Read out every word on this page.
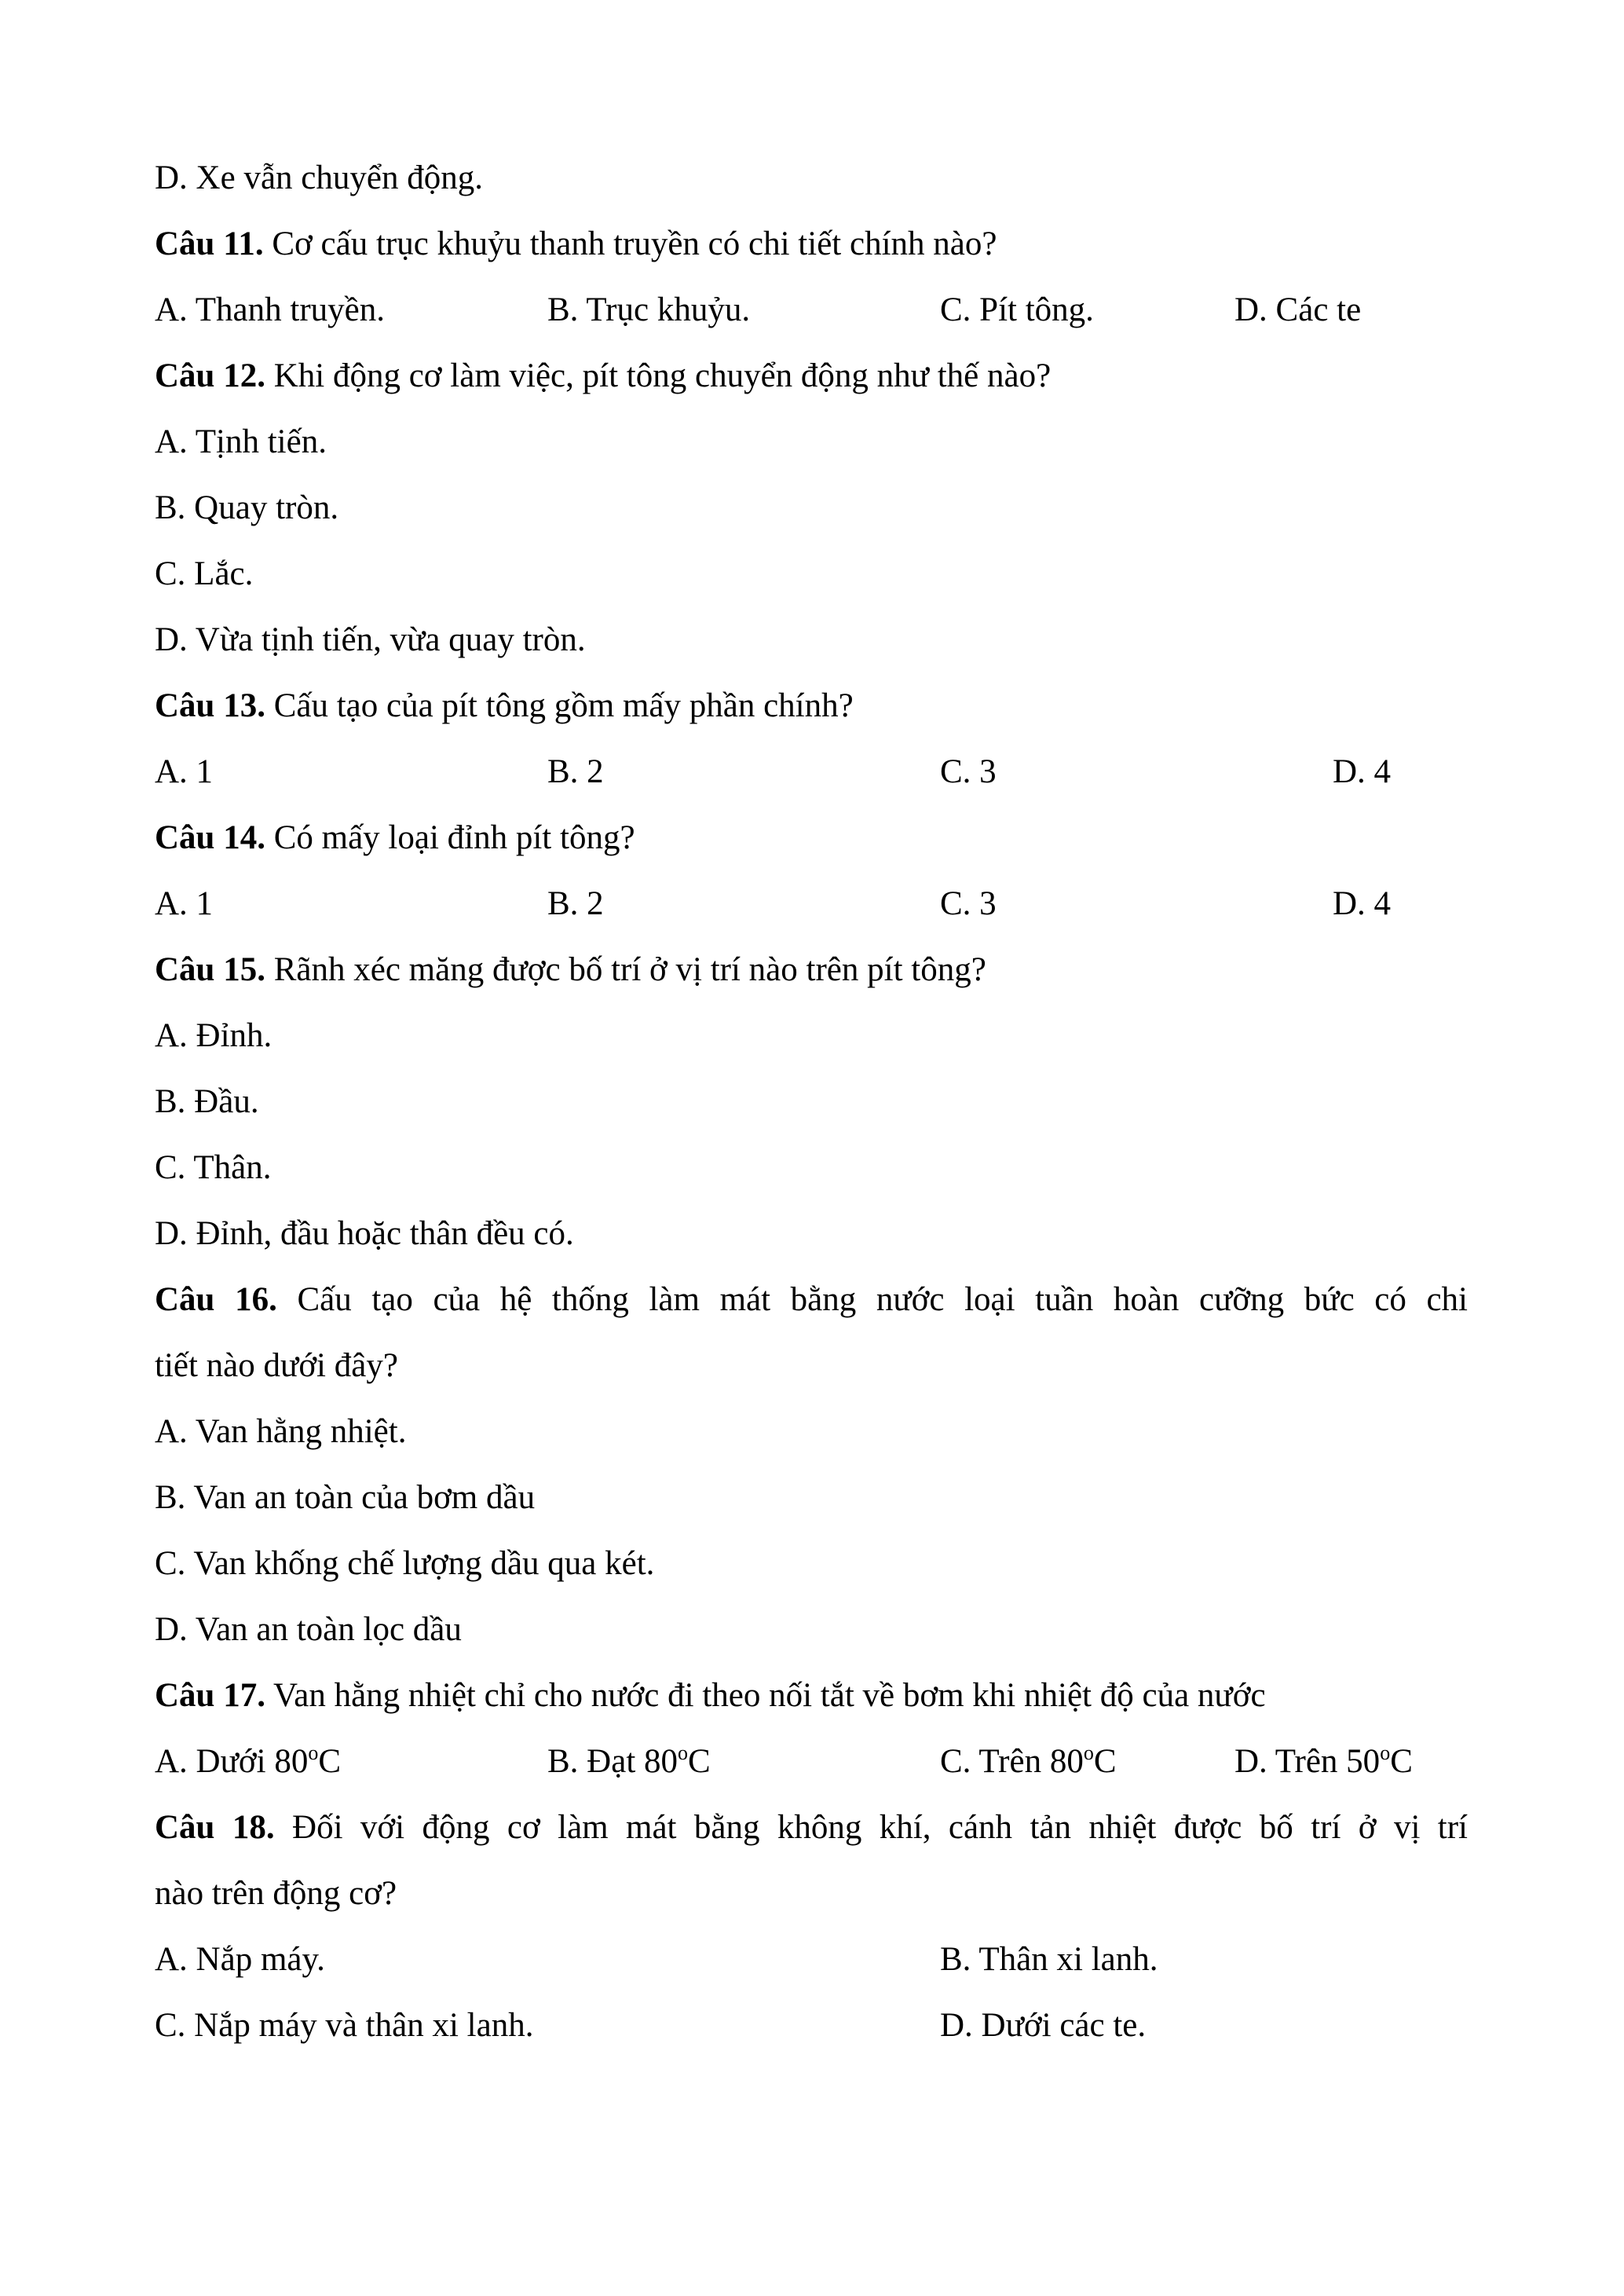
D. Xe vẫn chuyển động.
Câu 11. Cơ cấu trục khuỷu thanh truyền có chi tiết chính nào?
A. Thanh truyền.	B. Trục khuỷu.	C. Pít tông.	D. Các te
Câu 12. Khi động cơ làm việc, pít tông chuyển động như thế nào?
A. Tịnh tiến.
B. Quay tròn.
C. Lắc.
D. Vừa tịnh tiến, vừa quay tròn.
Câu 13. Cấu tạo của pít tông gồm mấy phần chính?
A. 1	B. 2	C. 3	D. 4
Câu 14. Có mấy loại đỉnh pít tông?
A. 1	B. 2	C. 3	D. 4
Câu 15. Rãnh xéc măng được bố trí ở vị trí nào trên pít tông?
A. Đỉnh.
B. Đầu.
C. Thân.
D. Đỉnh, đầu hoặc thân đều có.
Câu 16. Cấu tạo của hệ thống làm mát bằng nước loại tuần hoàn cưỡng bức có chi
tiết nào dưới đây?
A. Van hằng nhiệt.
B. Van an toàn của bơm dầu
C. Van khống chế lượng dầu qua két.
D. Van an toàn lọc dầu
Câu 17. Van hằng nhiệt chỉ cho nước đi theo nối tắt về bơm khi nhiệt độ của nước
A. Dưới 80$^o$C	B. Đạt 80$^o$C	C. Trên 80$^o$C	D. Trên 50$^o$C
Câu 18. Đối với động cơ làm mát bằng không khí, cánh tản nhiệt được bố trí ở vị trí
nào trên động cơ?
A. Nắp máy.	B. Thân xi lanh.
C. Nắp máy và thân xi lanh.	D. Dưới các te.
